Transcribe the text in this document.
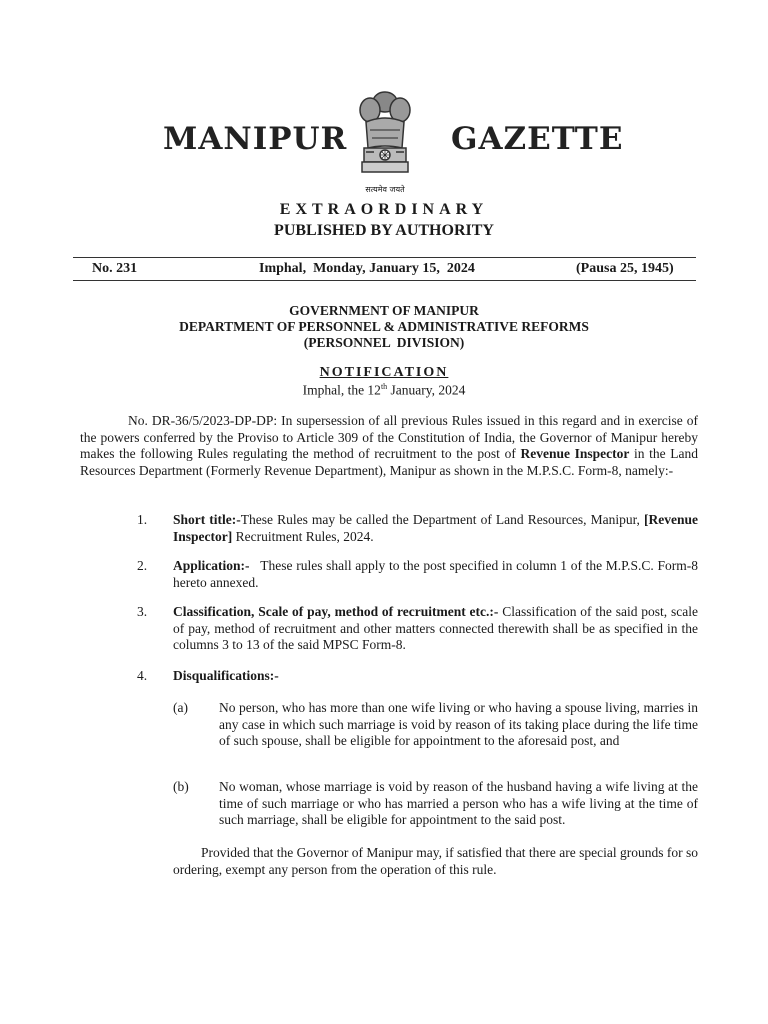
MANIPUR
सत्यमेव जयते
GAZETTE
EXTRAORDINARY
PUBLISHED BY AUTHORITY
No. 231	Imphal,  Monday, January 15,  2024	(Pausa 25, 1945)
GOVERNMENT OF MANIPUR
DEPARTMENT OF PERSONNEL & ADMINISTRATIVE REFORMS
(PERSONNEL  DIVISION)
NOTIFICATION
Imphal, the 12th January, 2024
No. DR-36/5/2023-DP-DP: In supersession of all previous Rules issued in this regard and in exercise of the powers conferred by the Proviso to Article 309 of the Constitution of India, the Governor of Manipur hereby makes the following Rules regulating the method of recruitment to the post of Revenue Inspector in the Land Resources Department (Formerly Revenue Department), Manipur as shown in the M.P.S.C. Form-8, namely:-
1. Short title:-These Rules may be called the Department of Land Resources, Manipur, [Revenue Inspector] Recruitment Rules, 2024.
2. Application:-   These rules shall apply to the post specified in column 1 of the M.P.S.C. Form-8 hereto annexed.
3. Classification, Scale of pay, method of recruitment etc.:- Classification of the said post, scale of pay, method of recruitment and other matters connected therewith shall be as specified in the columns 3 to 13 of the said MPSC Form-8.
4. Disqualifications:-
(a) No person, who has more than one wife living or who having a spouse living, marries in any case in which such marriage is void by reason of its taking place during the life time of such spouse, shall be eligible for appointment to the aforesaid post, and
(b) No woman, whose marriage is void by reason of the husband having a wife living at the time of such marriage or who has married a person who has a wife living at the time of such marriage, shall be eligible for appointment to the said post.
Provided that the Governor of Manipur may, if satisfied that there are special grounds for so ordering, exempt any person from the operation of this rule.
